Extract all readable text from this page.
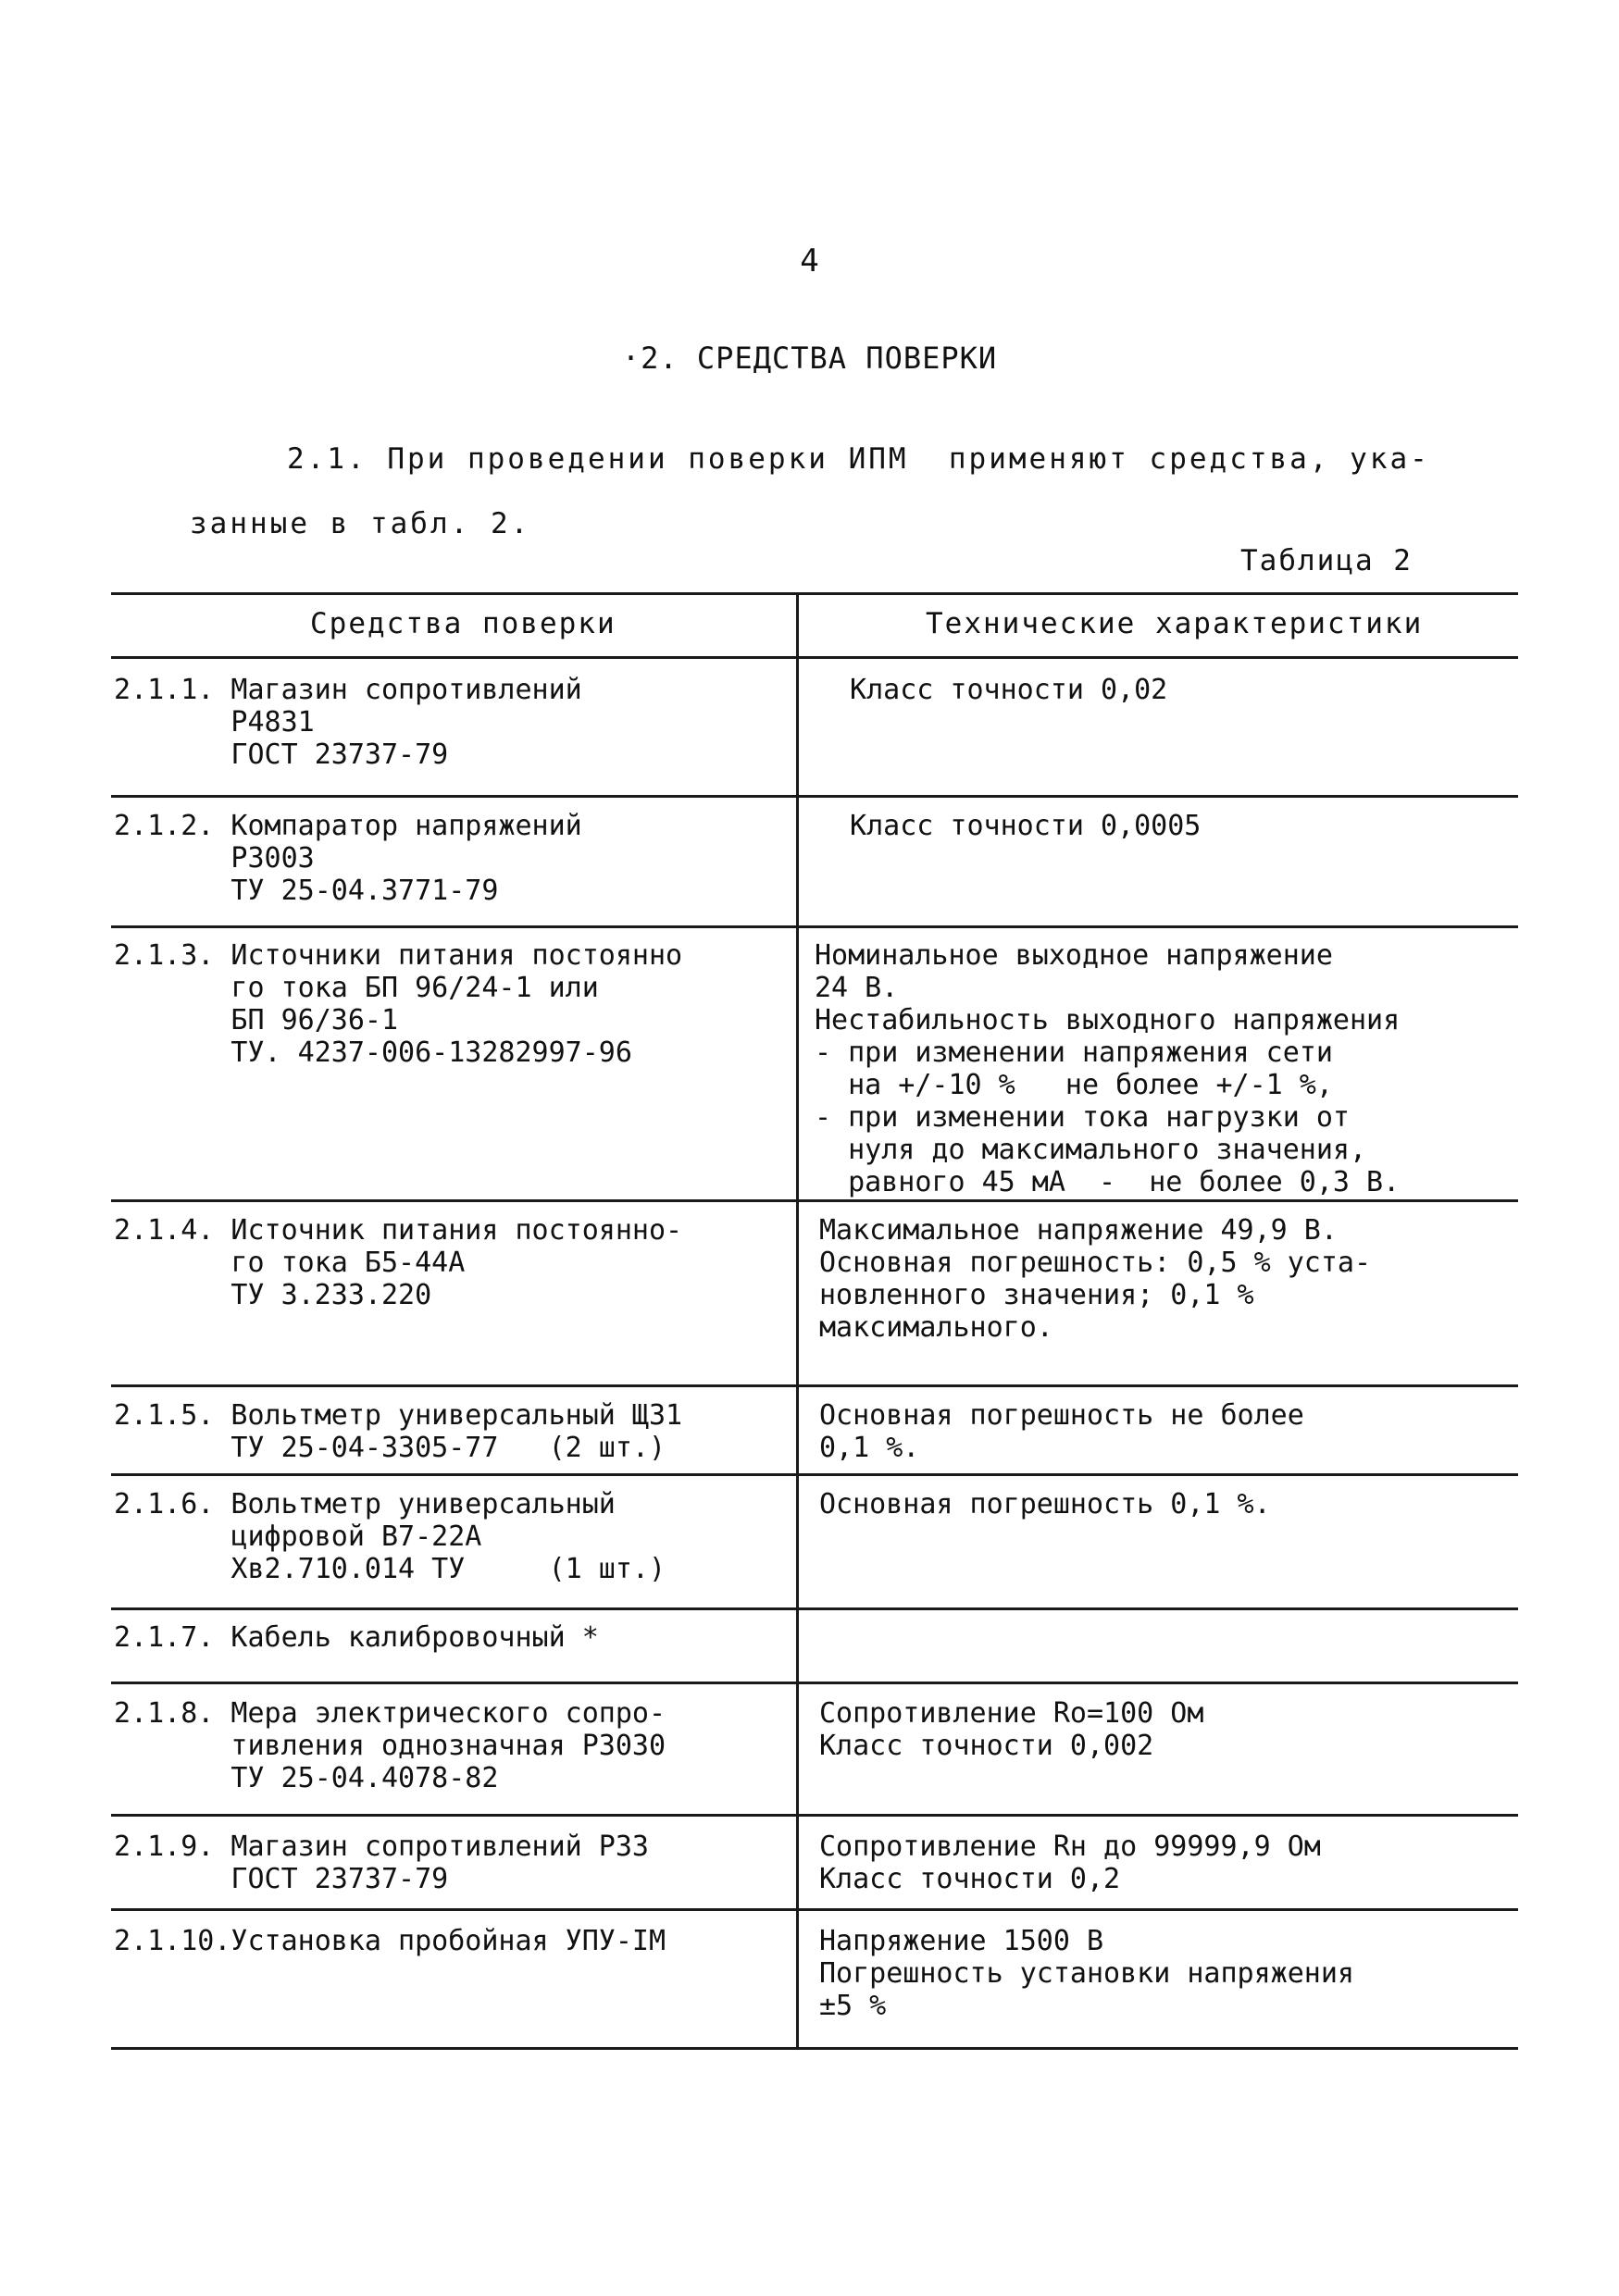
4
·2. СРЕДСТВА ПОВЕРКИ
2.1. При проведении поверки ИПМ  применяют средства, ука-
занные в табл. 2.
Таблица 2
Средства поверки	Технические характеристики
2.1.1. Магазин сопротивлений
Р4831
ГОСТ 23737-79
Класс точности 0,02
2.1.2. Компаратор напряжений
Р3003
ТУ 25-04.3771-79
Класс точности 0,0005
2.1.3. Источники питания постоянно
го тока БП 96/24-1 или
БП 96/36-1
ТУ. 4237-006-13282997-96
Номинальное выходное напряжение
24 В.
Нестабильность выходного напряжения
- при изменении напряжения сети
на +/-10 %   не более +/-1 %,
- при изменении тока нагрузки от
нуля до максимального значения,
равного 45 мА  -  не более 0,3 В.
2.1.4. Источник питания постоянно-
го тока Б5-44А
ТУ 3.233.220
Максимальное напряжение 49,9 В.
Основная погрешность: 0,5 % уста-
новленного значения; 0,1 %
максимального.
2.1.5. Вольтметр универсальный Щ31
ТУ 25-04-3305-77   (2 шт.)
Основная погрешность не более
0,1 %.
2.1.6. Вольтметр универсальный
цифровой В7-22А
Хв2.710.014 ТУ     (1 шт.)
Основная погрешность 0,1 %.
2.1.7. Кабель калибровочный *
2.1.8. Мера электрического сопро-
тивления однозначная Р3030
ТУ 25-04.4078-82
Сопротивление Ro=100 Ом
Класс точности 0,002
2.1.9. Магазин сопротивлений Р33
ГОСТ 23737-79
Сопротивление Rн до 99999,9 Ом
Класс точности 0,2
2.1.10.Установка пробойная УПУ-IМ	Напряжение 1500 В
Погрешность установки напряжения
±5 %
